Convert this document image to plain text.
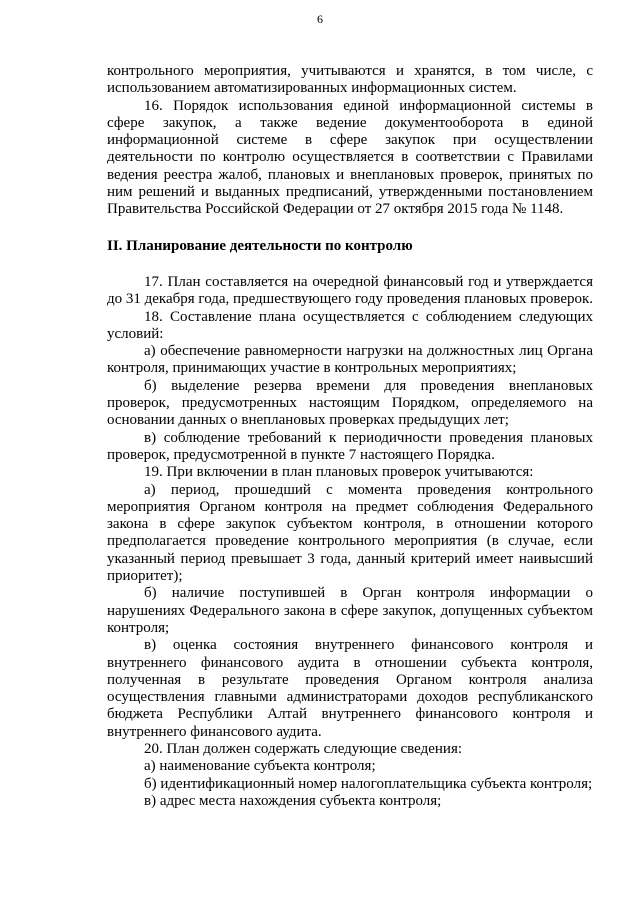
6

контрольного мероприятия, учитываются и хранятся, в том числе, с использованием автоматизированных информационных систем.

16. Порядок использования единой информационной системы в сфере закупок, а также ведение документооборота в единой информационной системе в сфере закупок при осуществлении деятельности по контролю осуществляется в соответствии с Правилами ведения реестра жалоб, плановых и внеплановых проверок, принятых по ним решений и выданных предписаний, утвержденными постановлением Правительства Российской Федерации от 27 октября 2015 года № 1148.

II. Планирование деятельности по контролю

17. План составляется на очередной финансовый год и утверждается до 31 декабря года, предшествующего году проведения плановых проверок.

18. Составление плана осуществляется с соблюдением следующих условий:

а) обеспечение равномерности нагрузки на должностных лиц Органа контроля, принимающих участие в контрольных мероприятиях;

б) выделение резерва времени для проведения внеплановых проверок, предусмотренных настоящим Порядком, определяемого на основании данных о внеплановых проверках предыдущих лет;

в) соблюдение требований к периодичности проведения плановых проверок, предусмотренной в пункте 7 настоящего Порядка.

19. При включении в план плановых проверок учитываются:

а) период, прошедший с момента проведения контрольного мероприятия Органом контроля на предмет соблюдения Федерального закона в сфере закупок субъектом контроля, в отношении которого предполагается проведение контрольного мероприятия (в случае, если указанный период превышает 3 года, данный критерий имеет наивысший приоритет);

б) наличие поступившей в Орган контроля информации о нарушениях Федерального закона в сфере закупок, допущенных субъектом контроля;

в) оценка состояния внутреннего финансового контроля и внутреннего финансового аудита в отношении субъекта контроля, полученная в результате проведения Органом контроля анализа осуществления главными администраторами доходов республиканского бюджета Республики Алтай внутреннего финансового контроля и внутреннего финансового аудита.

20. План должен содержать следующие сведения:

а) наименование субъекта контроля;

б) идентификационный номер налогоплательщика субъекта контроля;

в) адрес места нахождения субъекта контроля;
